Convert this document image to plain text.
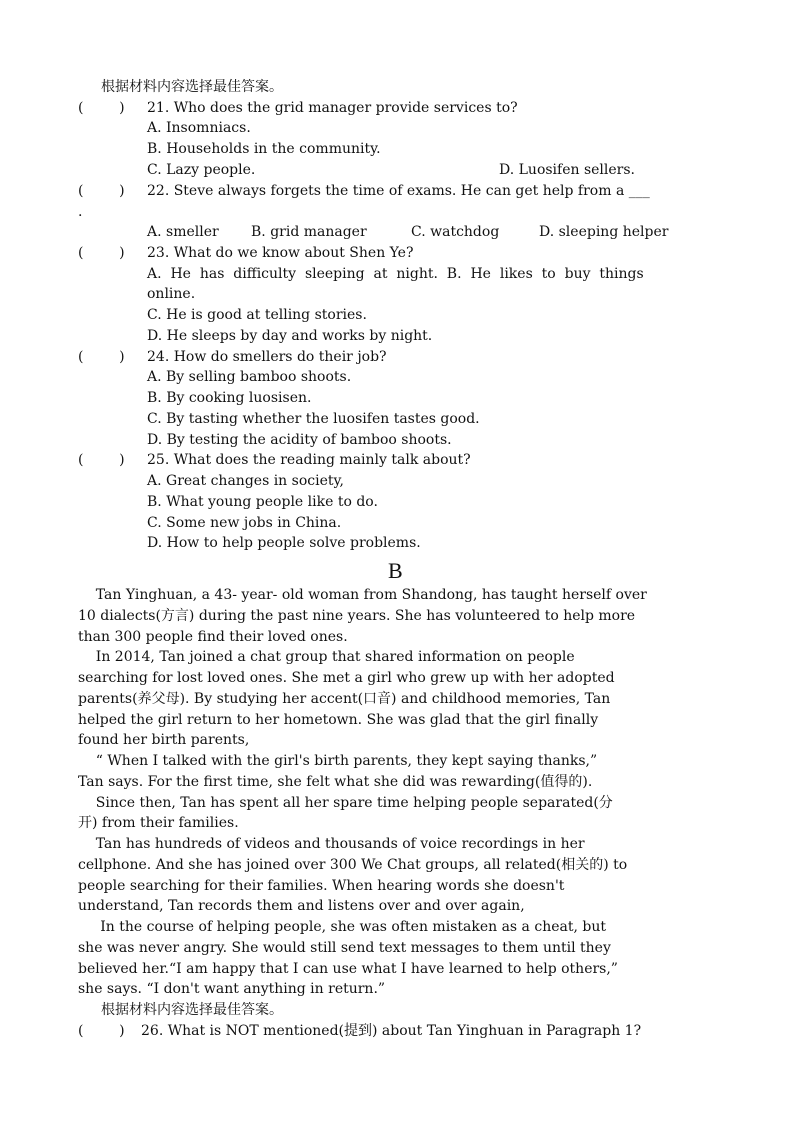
根据材料内容选择最佳答案。
(        ) 21. Who does the grid manager provide services to?
A. Insomniacs.
B. Households in the community.
C. Lazy people.	D. Luosifen sellers.
(        ) 22. Steve always forgets the time of exams. He can get help from a ___
.
A. smeller B. grid manager	C. watchdog	D. sleeping helper
(        ) 23. What do we know about Shen Ye?
A.  He  has  difficulty  sleeping  at  night.  B.  He  likes  to  buy  things
online.
C. He is good at telling stories.
D. He sleeps by day and works by night.
(        ) 24. How do smellers do their job?
A. By selling bamboo shoots.
B. By cooking luosisen.
C. By tasting whether the luosifen tastes good.
D. By testing the acidity of bamboo shoots.
(        ) 25. What does the reading mainly talk about?
A. Great changes in society,
B. What young people like to do.
C. Some new jobs in China.
D. How to help people solve problems.
B
Tan Yinghuan, a 43- year- old woman from Shandong, has taught herself over
10 dialects(方言) during the past nine years. She has volunteered to help more
than 300 people find their loved ones.
In 2014, Tan joined a chat group that shared information on people
searching for lost loved ones. She met a girl who grew up with her adopted
parents(养父母). By studying her accent(口音) and childhood memories, Tan
helped the girl return to her hometown. She was glad that the girl finally
found her birth parents,
“ When I talked with the girl's birth parents, they kept saying thanks,”
Tan says. For the first time, she felt what she did was rewarding(值得的).
Since then, Tan has spent all her spare time helping people separated(分
开) from their families.
Tan has hundreds of videos and thousands of voice recordings in her
cellphone. And she has joined over 300 We Chat groups, all related(相关的) to
people searching for their families. When hearing words she doesn't
understand, Tan records them and listens over and over again,
In the course of helping people, she was often mistaken as a cheat, but
she was never angry. She would still send text messages to them until they
believed her.“I am happy that I can use what I have learned to help others,”
she says. “I don't want anything in return.”
根据材料内容选择最佳答案。
(        ) 26. What is NOT mentioned(提到) about Tan Yinghuan in Paragraph 1?
